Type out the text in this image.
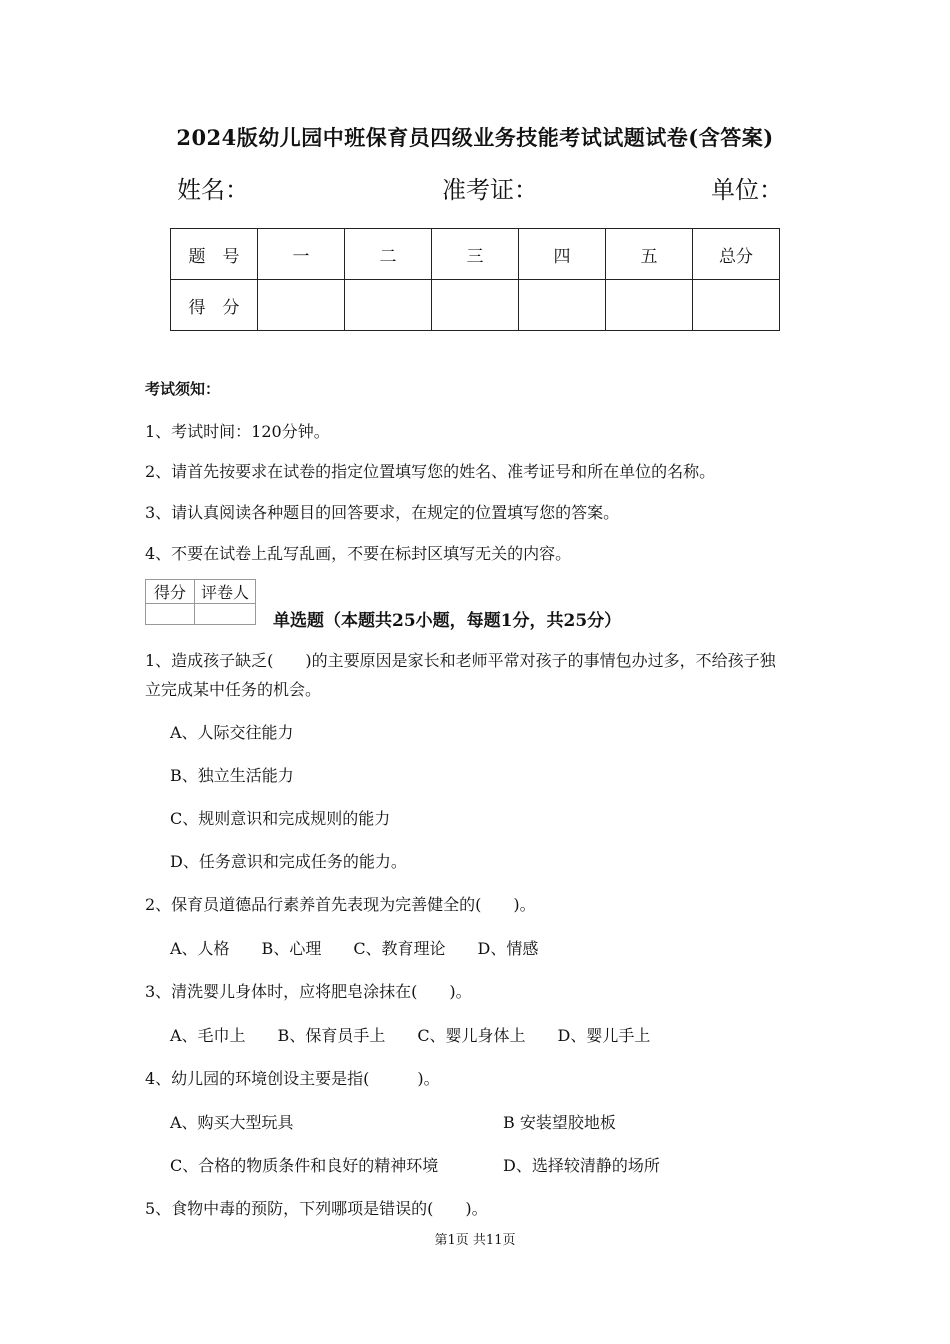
2024版幼儿园中班保育员四级业务技能考试试题试卷(含答案)
姓名：	准考证：	单位：
题　号	一	二	三	四	五	总分
得　分						
考试须知：
1、考试时间：120分钟。
2、请首先按要求在试卷的指定位置填写您的姓名、准考证号和所在单位的名称。
3、请认真阅读各种题目的回答要求，在规定的位置填写您的答案。
4、不要在试卷上乱写乱画，不要在标封区填写无关的内容。
得分	评卷人

单选题（本题共25小题，每题1分，共25分）
1、造成孩子缺乏(　　)的主要原因是家长和老师平常对孩子的事情包办过多，不给孩子独
立完成某中任务的机会。
A、人际交往能力
B、独立生活能力
C、规则意识和完成规则的能力
D、任务意识和完成任务的能力。
2、保育员道德品行素养首先表现为完善健全的(　　)。
A、人格　　B、心理　　C、教育理论　　D、情感
3、清洗婴儿身体时，应将肥皂涂抹在(　　)。
A、毛巾上　　B、保育员手上　　C、婴儿身体上　　D、婴儿手上
4、幼儿园的环境创设主要是指(　　　)。
A、购买大型玩具	B 安装望胶地板
C、合格的物质条件和良好的精神环境	D、选择较清静的场所
5、食物中毒的预防，下列哪项是错误的(　　)。
第1页 共11页
